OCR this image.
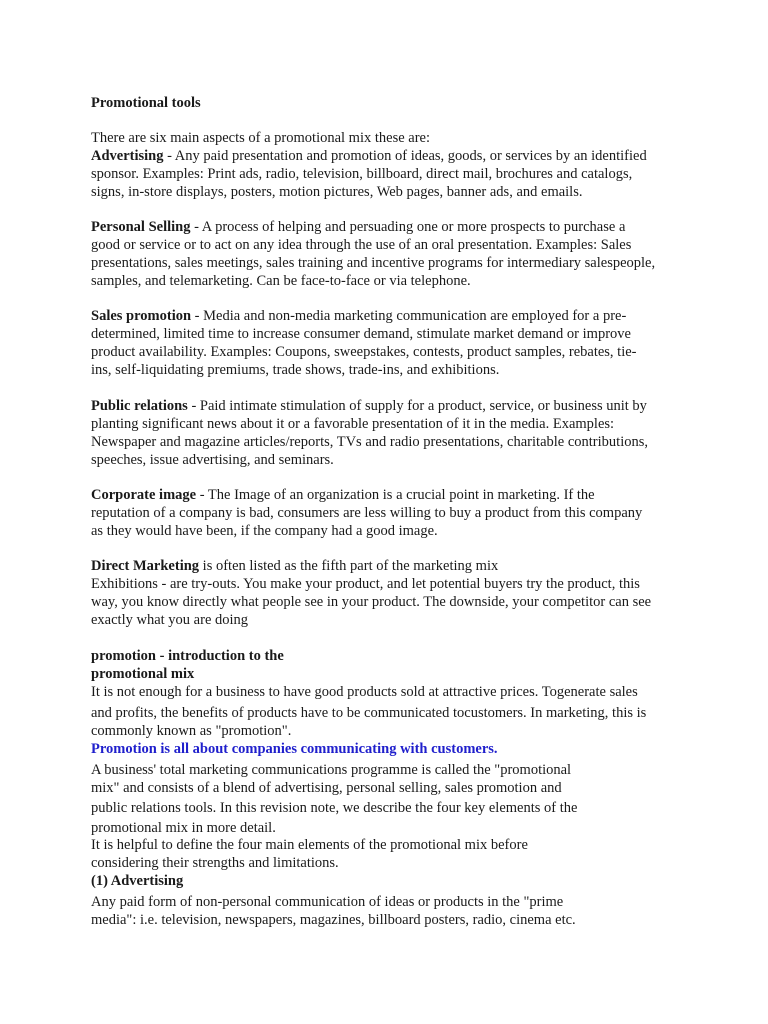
Promotional tools
There are six main aspects of a promotional mix these are:
Advertising - Any paid presentation and promotion of ideas, goods, or services by an identified
sponsor. Examples: Print ads, radio, television, billboard, direct mail, brochures and catalogs,
signs, in-store displays, posters, motion pictures, Web pages, banner ads, and emails.
Personal Selling - A process of helping and persuading one or more prospects to purchase a
good or service or to act on any idea through the use of an oral presentation. Examples: Sales
presentations, sales meetings, sales training and incentive programs for intermediary salespeople,
samples, and telemarketing. Can be face-to-face or via telephone.
Sales promotion - Media and non-media marketing communication are employed for a pre-
determined, limited time to increase consumer demand, stimulate market demand or improve
product availability. Examples: Coupons, sweepstakes, contests, product samples, rebates, tie-
ins, self-liquidating premiums, trade shows, trade-ins, and exhibitions.
Public relations - Paid intimate stimulation of supply for a product, service, or business unit by
planting significant news about it or a favorable presentation of it in the media. Examples:
Newspaper and magazine articles/reports, TVs and radio presentations, charitable contributions,
speeches, issue advertising, and seminars.
Corporate image - The Image of an organization is a crucial point in marketing. If the
reputation of a company is bad, consumers are less willing to buy a product from this company
as they would have been, if the company had a good image.
Direct Marketing is often listed as the fifth part of the marketing mix
Exhibitions - are try-outs. You make your product, and let potential buyers try the product, this
way, you know directly what people see in your product. The downside, your competitor can see
exactly what you are doing
promotion - introduction to the
promotional mix
It is not enough for a business to have good products sold at attractive prices. Togenerate sales
and profits, the benefits of products have to be communicated tocustomers. In marketing, this is
commonly known as "promotion".
Promotion is all about companies communicating with customers.
A business' total marketing communications programme is called the "promotional
mix" and consists of a blend of advertising, personal selling, sales promotion and
public relations tools. In this revision note, we describe the four key elements of the
promotional mix in more detail.
It is helpful to define the four main elements of the promotional mix before
considering their strengths and limitations.
(1) Advertising
Any paid form of non-personal communication of ideas or products in the "prime
media": i.e. television, newspapers, magazines, billboard posters, radio, cinema etc.
